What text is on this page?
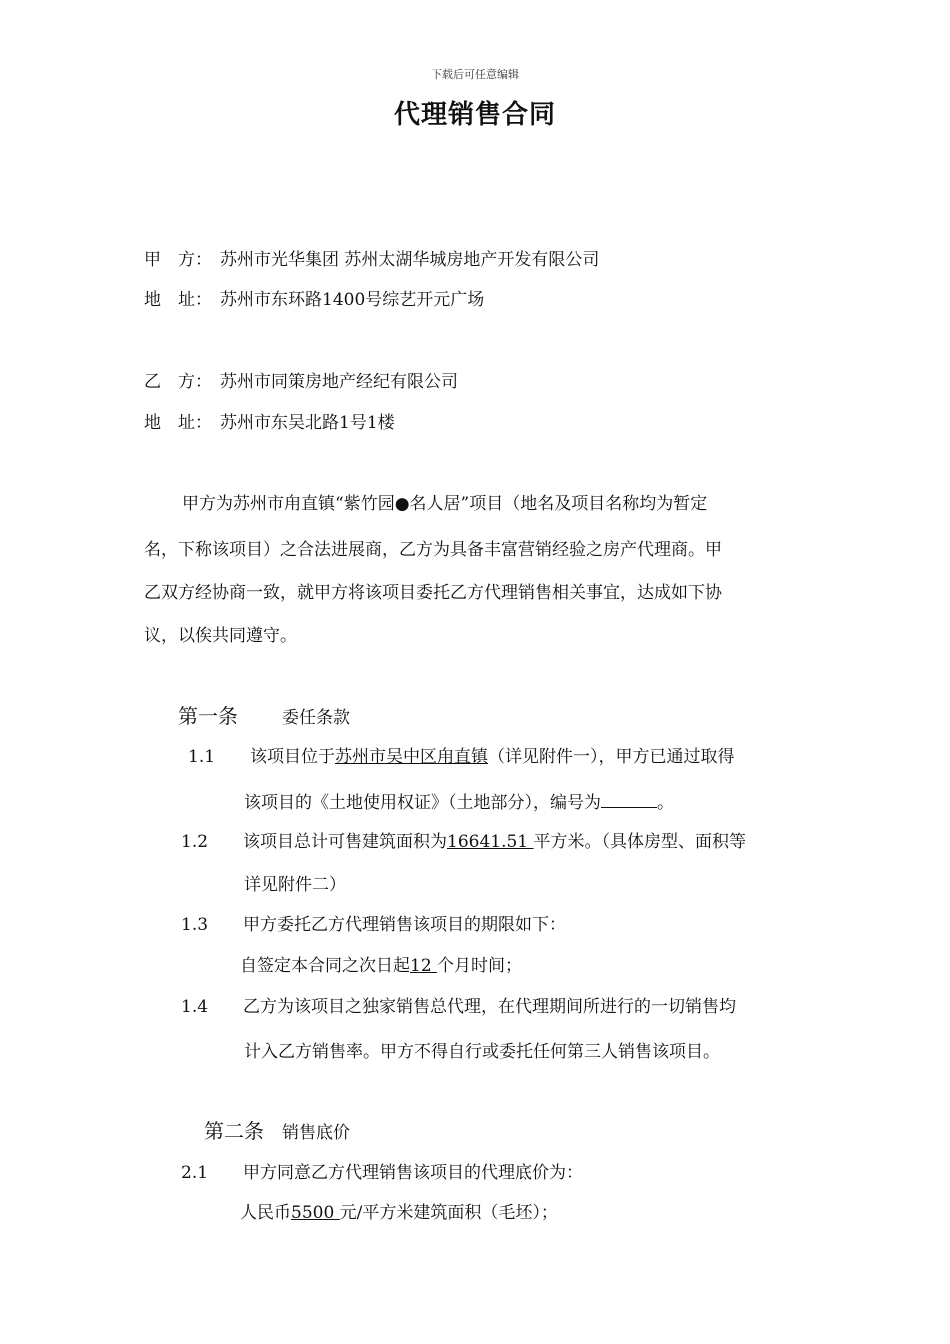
下载后可任意编辑
代理销售合同
甲　方： 苏州市光华集团 苏州太湖华城房地产开发有限公司
地　址： 苏州市东环路1400号综艺开元广场
乙　方： 苏州市同策房地产经纪有限公司
地　址： 苏州市东吴北路1号1楼
甲方为苏州市甪直镇“紫竹园●名人居”项目（地名及项目名称均为暂定
名，下称该项目）之合法进展商，乙方为具备丰富营销经验之房产代理商。甲
乙双方经协商一致，就甲方将该项目委托乙方代理销售相关事宜，达成如下协
议，以俟共同遵守。
第一条	委任条款
1.1 该项目位于苏州市吴中区甪直镇（详见附件一），甲方已通过取得
该项目的《土地使用权证》（土地部分），编号为	。
1.2 该项目总计可售建筑面积为16641.51 平方米。（具体房型、面积等
详见附件二）
1.3 甲方委托乙方代理销售该项目的期限如下：
自签定本合同之次日起12 个月时间；
1.4 乙方为该项目之独家销售总代理，在代理期间所进行的一切销售均
计入乙方销售率。甲方不得自行或委托任何第三人销售该项目。
第二条 销售底价
2.1 甲方同意乙方代理销售该项目的代理底价为：
人民币5500 元/平方米建筑面积（毛坯）；
